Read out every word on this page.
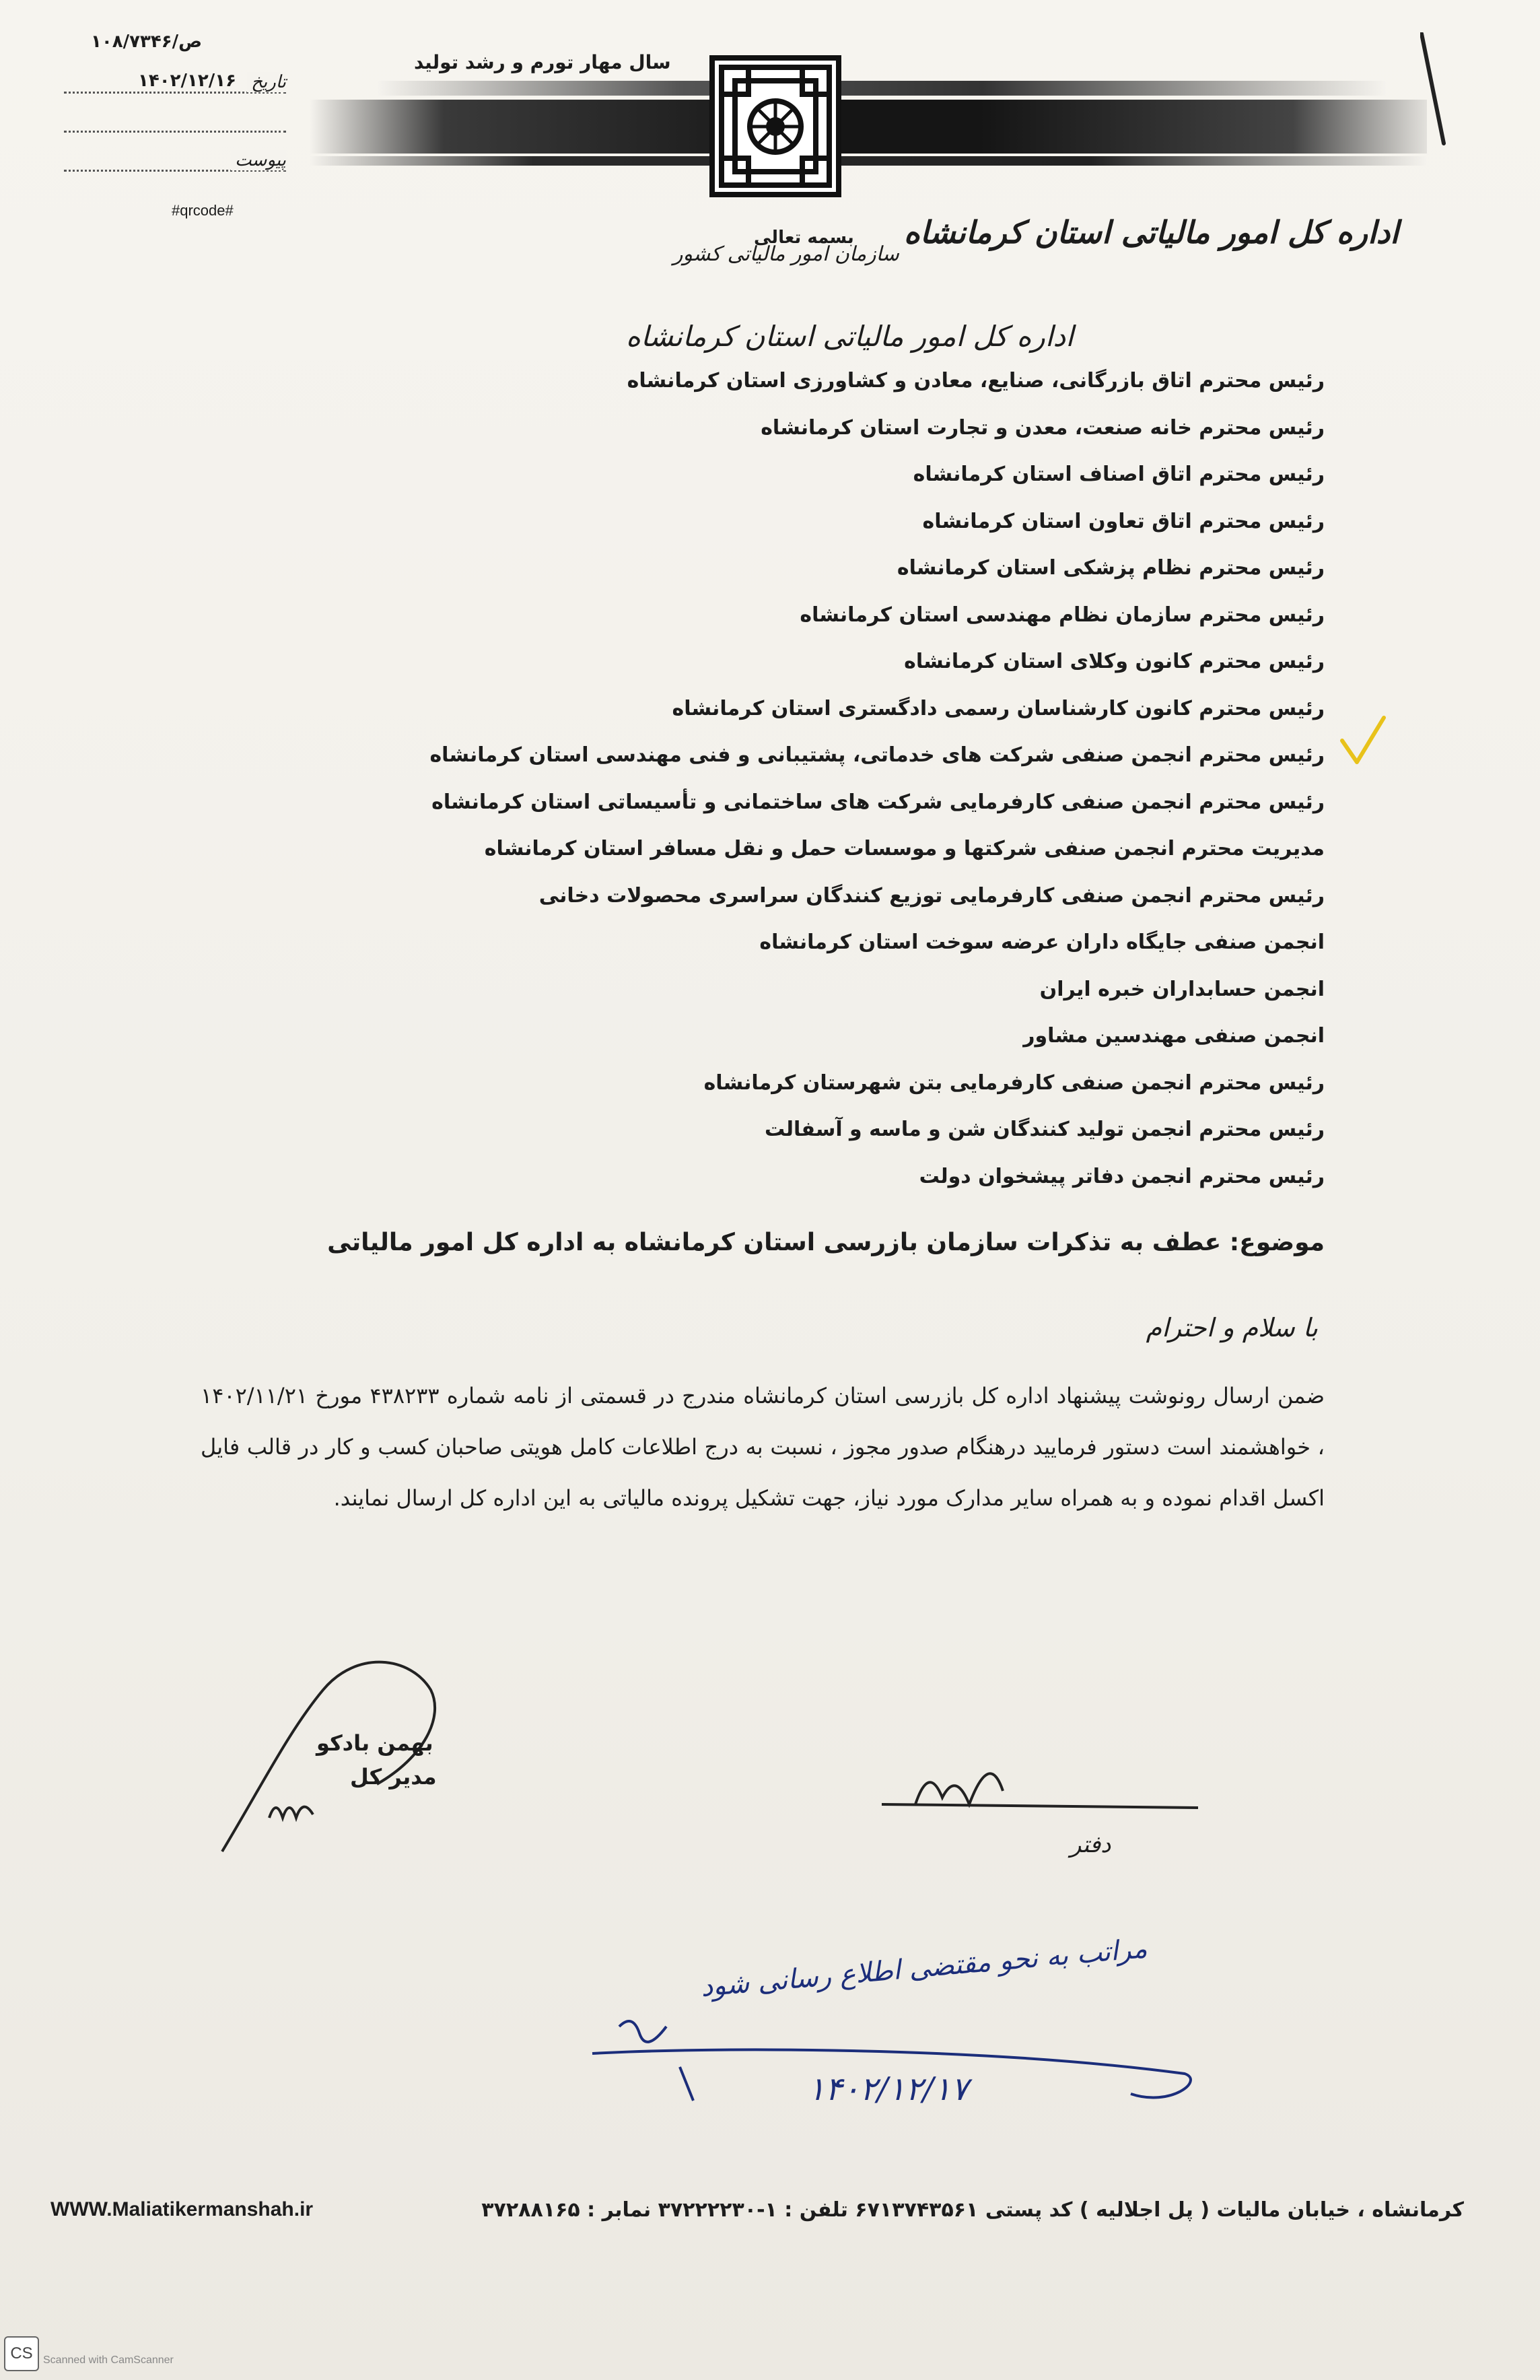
۱۰۸/۷۳۴۶/ص
تاریخ
۱۴۰۲/۱۲/۱۶
پیوست
#qrcode#
سال مهار تورم و رشد تولید
سازمان امور مالیاتی کشور
بسمه تعالی اداره کل امور مالیاتی استان کرمانشاه
اداره کل امور مالیاتی استان کرمانشاه
رئیس محترم اتاق بازرگانی، صنایع، معادن و کشاورزی استان کرمانشاه
رئیس محترم خانه صنعت، معدن و تجارت استان کرمانشاه
رئیس محترم اتاق اصناف استان کرمانشاه
رئیس محترم اتاق تعاون استان کرمانشاه
رئیس محترم نظام پزشکی استان کرمانشاه
رئیس محترم سازمان نظام مهندسی استان کرمانشاه
رئیس محترم کانون وکلای استان کرمانشاه
رئیس محترم کانون کارشناسان رسمی دادگستری استان کرمانشاه
رئیس محترم انجمن صنفی شرکت های خدماتی، پشتیبانی و فنی مهندسی استان کرمانشاه
رئیس محترم انجمن صنفی کارفرمایی شرکت های ساختمانی و تأسیساتی استان کرمانشاه
مدیریت محترم انجمن صنفی شرکتها و موسسات حمل و نقل مسافر استان کرمانشاه
رئیس محترم انجمن صنفی کارفرمایی توزیع کنندگان سراسری محصولات دخانی
انجمن صنفی جایگاه داران عرضه سوخت استان کرمانشاه
انجمن حسابداران خبره ایران
انجمن صنفی مهندسین مشاور
رئیس محترم انجمن صنفی کارفرمایی بتن شهرستان کرمانشاه
رئیس محترم انجمن تولید کنندگان شن و ماسه و آسفالت
رئیس محترم انجمن دفاتر پیشخوان دولت
موضوع: عطف به تذکرات سازمان بازرسی استان کرمانشاه به اداره کل امور مالیاتی
با سلام و احترام
ضمن ارسال رونوشت پیشنهاد اداره کل بازرسی استان کرمانشاه مندرج در قسمتی از نامه شماره ۴۳۸۲۳۳ مورخ ۱۴۰۲/۱۱/۲۱ ، خواهشمند است دستور فرمایید درهنگام صدور مجوز ، نسبت به درج اطلاعات کامل هویتی صاحبان کسب و کار در قالب فایل اکسل اقدام نموده و به همراه سایر مدارک مورد نیاز، جهت تشکیل پرونده مالیاتی به این اداره کل ارسال نمایند.
بهمن بادکو
مدیر کل
دفتر
مراتب به نحو مقتضی اطلاع رسانی شود
۱۴۰۲/۱۲/۱۷
WWW.Maliatikermanshah.ir	کرمانشاه ، خیابان مالیات ( پل اجلالیه ) کد پستی ۶۷۱۳۷۴۳۵۶۱ تلفن : ۱-۳۷۲۲۲۲۳۰ نمابر : ۳۷۲۸۸۱۶۵
CS Scanned with CamScanner
